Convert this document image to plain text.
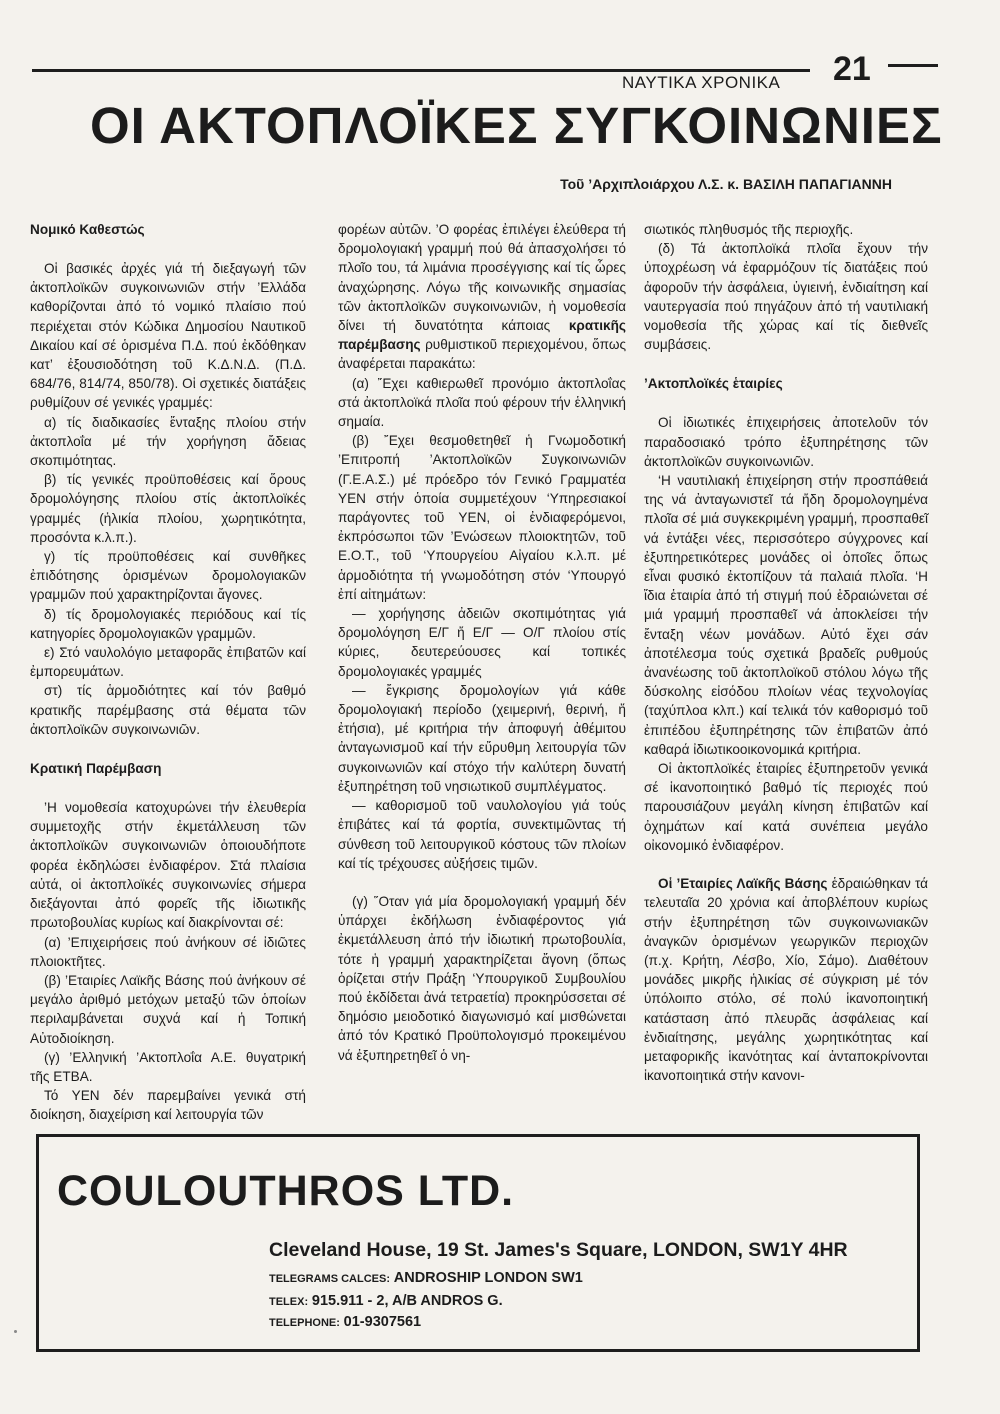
ΝΑΥΤΙΚΑ ΧΡΟΝΙΚΑ 21
ΟΙ ΑΚΤΟΠΛΟΪΚΕΣ ΣΥΓΚΟΙΝΩΝΙΕΣ
Τοῦ ’Αρχιπλοιάρχου Λ.Σ. κ. ΒΑΣΙΛΗ ΠΑΠΑΓΙΑΝΝΗ
Νομικό Καθεστώς

Οἱ βασικές ἀρχές γιά τή διεξαγωγή τῶν ἀκτοπλοϊκῶν συγκοινωνιῶν στήν ’Ελλάδα καθορίζονται ἀπό τό νομικό πλαίσιο πού περιέχεται στόν Κώδικα Δημοσίου Ναυτικοῦ Δικαίου καί σέ ὁρισμένα Π.Δ. πού ἐκδόθηκαν κατ’ ἐξουσιοδότηση τοῦ Κ.Δ.Ν.Δ. (Π.Δ. 684/76, 814/74, 850/78). Οἱ σχετικές διατάξεις ρυθμίζουν σέ γενικές γραμμές:

α) τίς διαδικασίες ἔνταξης πλοίου στήν ἀκτοπλοΐα μέ τήν χορήγηση ἄδειας σκοπιμότητας.

β) τίς γενικές προϋποθέσεις καί ὅρους δρομολόγησης πλοίου στίς ἀκτοπλοϊκές γραμμές (ἡλικία πλοίου, χωρητικότητα, προσόντα κ.λ.π.).

γ) τίς προϋποθέσεις καί συνθῆκες ἐπιδότησης ὁρισμένων δρομολογιακῶν γραμμῶν πού χαρακτηρίζονται ἄγονες.

δ) τίς δρομολογιακές περιόδους καί τίς κατηγορίες δρομολογιακῶν γραμμῶν.

ε) Στό ναυλολόγιο μεταφορᾶς ἐπιβατῶν καί ἐμπορευμάτων.

στ) τίς ἁρμοδιότητες καί τόν βαθμό κρατικῆς παρέμβασης στά θέματα τῶν ἀκτοπλοϊκῶν συγκοινωνιῶν.

Κρατική Παρέμβαση

’Η νομοθεσία κατοχυρώνει τήν ἐλευθερία συμμετοχῆς στήν ἐκμετάλλευση τῶν ἀκτοπλοϊκῶν συγκοινωνιῶν ὁποιουδήποτε φορέα ἐκδηλώσει ἐνδιαφέρον. Στά πλαίσια αὐτά, οἱ ἀκτοπλοϊκές συγκοινωνίες σήμερα διεξάγονται ἀπό φορεῖς τῆς ἰδιωτικῆς πρωτοβουλίας κυρίως καί διακρίνονται σέ:

(α) ’Επιχειρήσεις πού ἀνήκουν σέ ἰδιῶτες πλοιοκτῆτες.

(β) ’Εταιρίες Λαϊκῆς Βάσης πού ἀνήκουν σέ μεγάλο ἀριθμό μετόχων μεταξύ τῶν ὁποίων περιλαμβάνεται συχνά καί ἡ Τοπική Αὐτοδιοίκηση.

(γ) ’Ελληνική ’Ακτοπλοΐα Α.Ε. θυγατρική τῆς ΕΤΒΑ.

Τό ΥΕΝ δέν παρεμβαίνει γενικά στή διοίκηση, διαχείριση καί λειτουργία τῶν

φορέων αὐτῶν. ’Ο φορέας ἐπιλέγει ἐλεύθερα τή δρομολογιακή γραμμή πού θά ἀπασχολήσει τό πλοῖο του, τά λιμάνια προσέγγισης καί τίς ὧρες ἀναχώρησης. Λόγω τῆς κοινωνικῆς σημασίας τῶν ἀκτοπλοϊκῶν συγκοινωνιῶν, ἡ νομοθεσία δίνει τή δυνατότητα κάποιας κρατικῆς παρέμβασης ρυθμιστικοῦ περιεχομένου, ὅπως ἀναφέρεται παρακάτω:

(α) ῎Εχει καθιερωθεῖ προνόμιο ἀκτοπλοΐας στά ἀκτοπλοϊκά πλοῖα πού φέρουν τήν ἑλληνική σημαία.

(β) ῎Εχει θεσμοθετηθεῖ ἡ Γνωμοδοτική ’Επιτροπή ’Ακτοπλοϊκῶν Συγκοινωνιῶν (Γ.Ε.Α.Σ.) μέ πρόεδρο τόν Γενικό Γραμματέα ΥΕΝ στήν ὁποία συμμετέχουν ‘Υπηρεσιακοί παράγοντες τοῦ ΥΕΝ, οἱ ἐνδιαφερόμενοι, ἐκπρόσωποι τῶν ’Ενώσεων πλοιοκτητῶν, τοῦ Ε.Ο.Τ., τοῦ ‘Υπουργείου Αἰγαίου κ.λ.π. μέ ἁρμοδιότητα τή γνωμοδότηση στόν ‘Υπουργό ἐπί αἰτημάτων:

— χορήγησης ἀδειῶν σκοπιμότητας γιά δρομολόγηση Ε/Γ ἤ Ε/Γ — Ο/Γ πλοίου στίς κύριες, δευτερεύουσες καί τοπικές δρομολογιακές γραμμές

— ἔγκρισης δρομολογίων γιά κάθε δρομολογιακή περίοδο (χειμερινή, θερινή, ἤ ἐτήσια), μέ κριτήρια τήν ἀποφυγή ἀθέμιτου ἀνταγωνισμοῦ καί τήν εὔρυθμη λειτουργία τῶν συγκοινωνιῶν καί στόχο τήν καλύτερη δυνατή ἐξυπηρέτηση τοῦ νησιωτικοῦ συμπλέγματος.

— καθορισμοῦ τοῦ ναυλολογίου γιά τούς ἐπιβάτες καί τά φορτία, συνεκτιμῶντας τή σύνθεση τοῦ λειτουργικοῦ κόστους τῶν πλοίων καί τίς τρέχουσες αὐξήσεις τιμῶν.

(γ) ῞Οταν γιά μία δρομολογιακή γραμμή δέν ὑπάρχει ἐκδήλωση ἐνδιαφέροντος γιά ἐκμετάλλευση ἀπό τήν ἰδιωτική πρωτοβουλία, τότε ἡ γραμμή χαρακτηρίζεται ἄγονη (ὅπως ὁρίζεται στήν Πράξη ‘Υπουργικοῦ Συμβουλίου πού ἐκδίδεται ἀνά τετραετία) προκηρύσσεται σέ δημόσιο μειοδοτικό διαγωνισμό καί μισθώνεται ἀπό τόν Κρατικό Προϋπολογισμό προκειμένου νά ἐξυπηρετηθεῖ ὁ νη-

σιωτικός πληθυσμός τῆς περιοχῆς.

(δ) Τά ἀκτοπλοϊκά πλοῖα ἔχουν τήν ὑποχρέωση νά ἐφαρμόζουν τίς διατάξεις πού ἀφοροῦν τήν ἀσφάλεια, ὑγιεινή, ἐνδιαίτηση καί ναυτεργασία πού πηγάζουν ἀπό τή ναυτιλιακή νομοθεσία τῆς χώρας καί τίς διεθνεῖς συμβάσεις.

’Ακτοπλοϊκές ἑταιρίες

Οἱ ἰδιωτικές ἐπιχειρήσεις ἀποτελοῦν τόν παραδοσιακό τρόπο ἐξυπηρέτησης τῶν ἀκτοπλοϊκῶν συγκοινωνιῶν.

‘Η ναυτιλιακή ἐπιχείρηση στήν προσπάθειά της νά ἀνταγωνιστεῖ τά ἤδη δρομολογημένα πλοῖα σέ μιά συγκεκριμένη γραμμή, προσπαθεῖ νά ἐντάξει νέες, περισσότερο σύγχρονες καί ἐξυπηρετικότερες μονάδες οἱ ὁποῖες ὅπως εἶναι φυσικό ἐκτοπίζουν τά παλαιά πλοῖα. ‘Η ἴδια ἑταιρία ἀπό τή στιγμή πού ἑδραιώνεται σέ μιά γραμμή προσπαθεῖ νά ἀποκλείσει τήν ἔνταξη νέων μονάδων. Αὐτό ἔχει σάν ἀποτέλεσμα τούς σχετικά βραδεῖς ρυθμούς ἀνανέωσης τοῦ ἀκτοπλοϊκοῦ στόλου λόγω τῆς δύσκολης εἰσόδου πλοίων νέας τεχνολογίας (ταχύπλοα κλπ.) καί τελικά τόν καθορισμό τοῦ ἐπιπέδου ἐξυπηρέτησης τῶν ἐπιβατῶν ἀπό καθαρά ἰδιωτικοοικονομικά κριτήρια.

Οἱ ἀκτοπλοϊκές ἑταιρίες ἐξυπηρετοῦν γενικά σέ ἱκανοποιητικό βαθμό τίς περιοχές πού παρουσιάζουν μεγάλη κίνηση ἐπιβατῶν καί ὀχημάτων καί κατά συνέπεια μεγάλο οἰκονομικό ἐνδιαφέρον.

Οἱ ’Εταιρίες Λαϊκῆς Βάσης ἑδραιώθηκαν τά τελευταῖα 20 χρόνια καί ἀποβλέπουν κυρίως στήν ἐξυπηρέτηση τῶν συγκοινωνιακῶν ἀναγκῶν ὁρισμένων γεωργικῶν περιοχῶν (π.χ. Κρήτη, Λέσβο, Χίο, Σάμο). Διαθέτουν μονάδες μικρῆς ἡλικίας σέ σύγκριση μέ τόν ὑπόλοιπο στόλο, σέ πολύ ἱκανοποιητική κατάσταση ἀπό πλευρᾶς ἀσφάλειας καί ἐνδιαίτησης, μεγάλης χωρητικότητας καί μεταφορικῆς ἱκανότητας καί ἀνταποκρίνονται ἱκανοποιητικά στήν κανονι-

COULOUTHROS LTD.
Cleveland House, 19 St. James's Square, LONDON, SW1Y 4HR
TELEGRAMS CALCES: ANDROSHIP LONDON SW1
TELEX: 915.911 - 2, A/B ANDROS G.
TELEPHONE: 01-9307561
